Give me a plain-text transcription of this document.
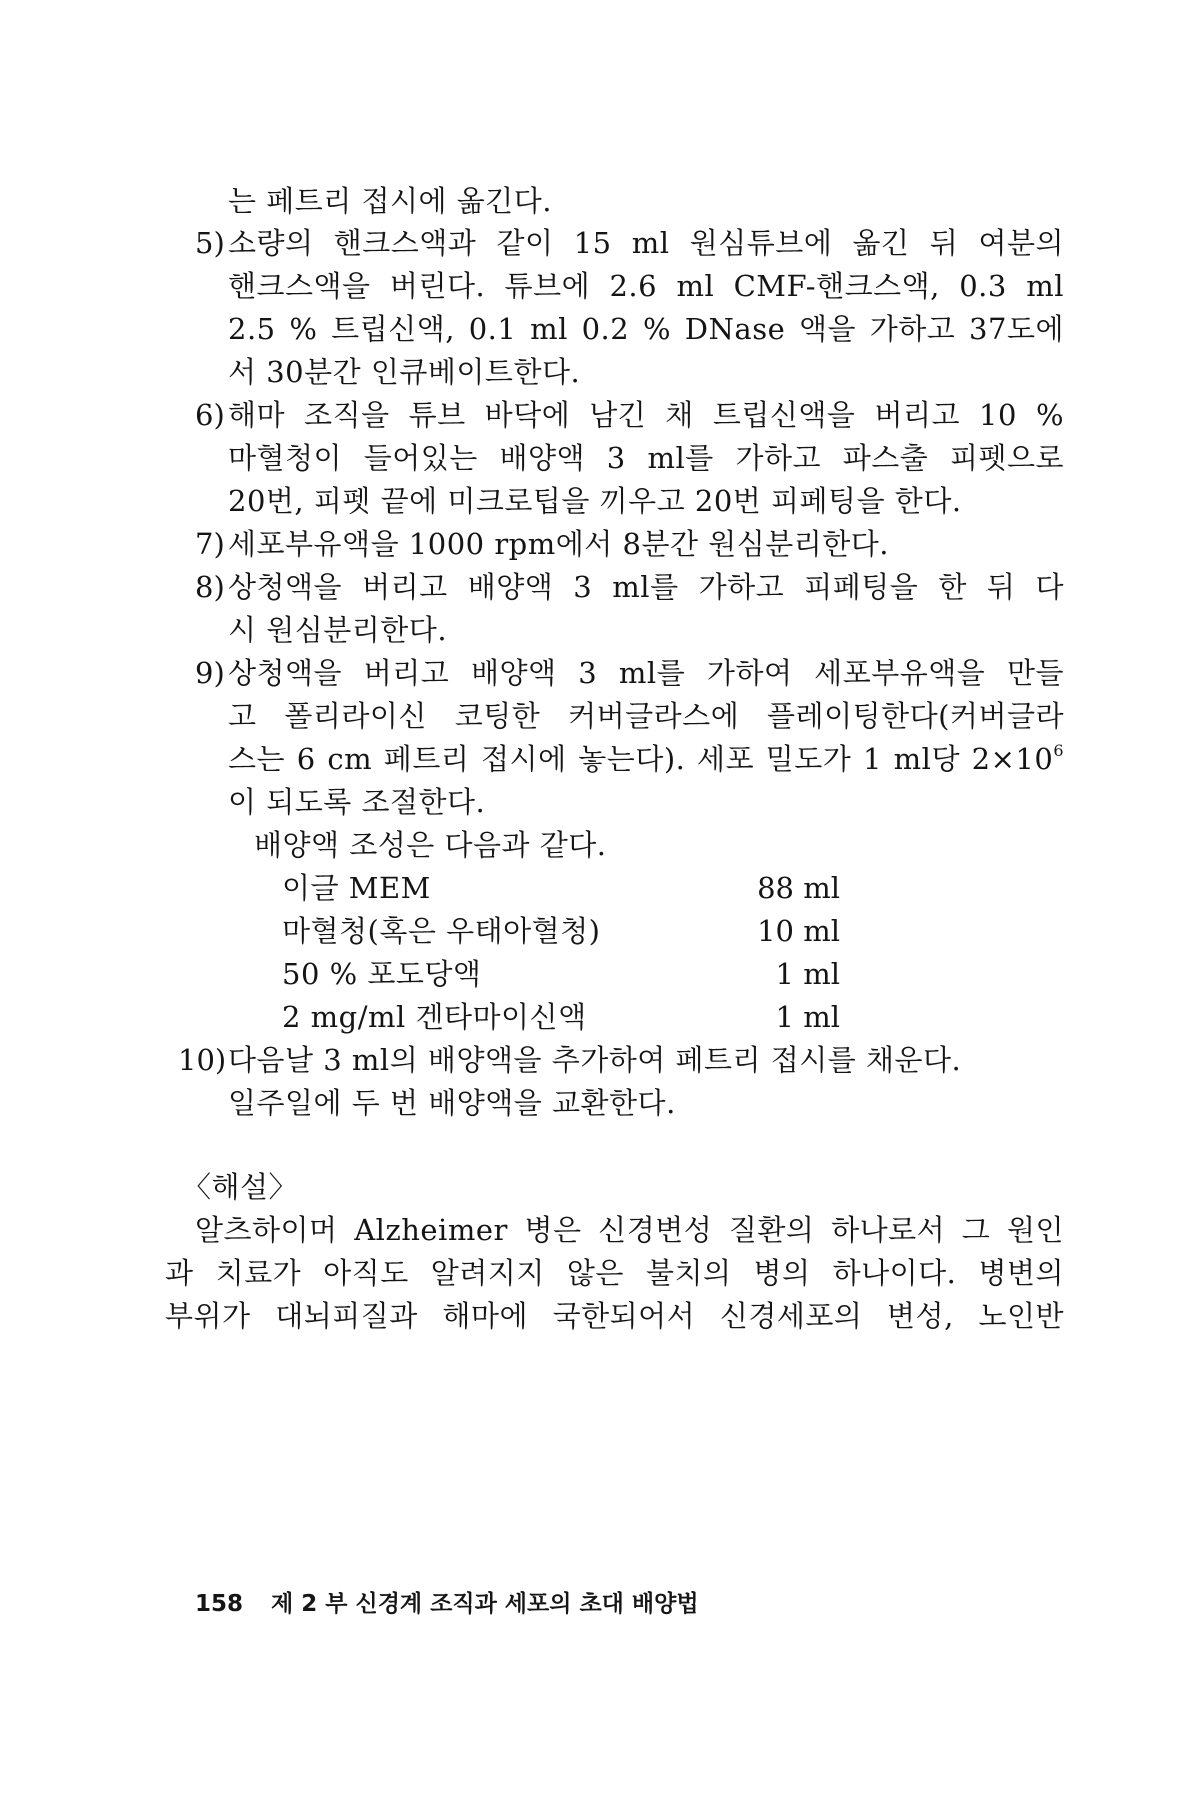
는 페트리 접시에 옮긴다.
5) 소량의 핸크스액과 같이 15 ml 원심튜브에 옮긴 뒤 여분의
핸크스액을 버린다. 튜브에 2.6 ml CMF-핸크스액, 0.3 ml
2.5 % 트립신액, 0.1 ml 0.2 % DNase 액을 가하고 37도에
서 30분간 인큐베이트한다.
6) 해마 조직을 튜브 바닥에 남긴 채 트립신액을 버리고 10 %
마혈청이 들어있는 배양액 3 ml를 가하고 파스출 피펫으로
20번, 피펫 끝에 미크로팁을 끼우고 20번 피페팅을 한다.
7) 세포부유액을 1000 rpm에서 8분간 원심분리한다.
8) 상청액을 버리고 배양액 3 ml를 가하고 피페팅을 한 뒤 다
시 원심분리한다.
9) 상청액을 버리고 배양액 3 ml를 가하여 세포부유액을 만들
고 폴리라이신 코팅한 커버글라스에 플레이팅한다(커버글라
스는 6 cm 페트리 접시에 놓는다). 세포 밀도가 1 ml당 $2\times 10^6$
이 되도록 조절한다.
배양액 조성은 다음과 같다.
이글 MEM	88 ml
마혈청(혹은 우태아혈청)	10 ml
50 % 포도당액	1 ml
2 mg/ml 겐타마이신액	1 ml
10) 다음날 3 ml의 배양액을 추가하여 페트리 접시를 채운다.
일주일에 두 번 배양액을 교환한다.
〈해설〉
알츠하이머 Alzheimer 병은 신경변성 질환의 하나로서 그 원인
과 치료가 아직도 알려지지 않은 불치의 병의 하나이다. 병변의
부위가 대뇌피질과 해마에 국한되어서 신경세포의 변성, 노인반
158 제 2 부 신경계 조직과 세포의 초대 배양법
